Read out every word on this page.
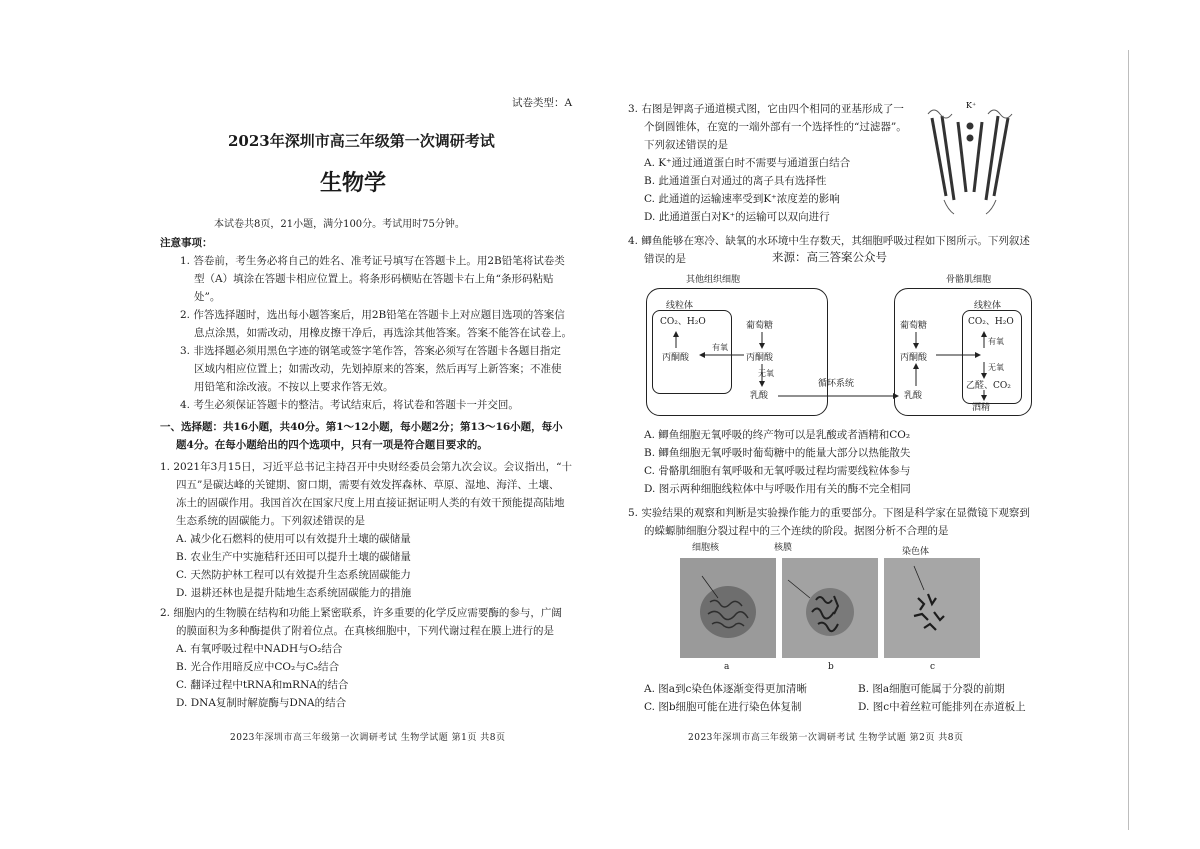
试卷类型：A
2023年深圳市高三年级第一次调研考试
生物学
本试卷共8页，21小题，满分100分。考试用时75分钟。
注意事项：
1. 答卷前，考生务必将自己的姓名、准考证号填写在答题卡上。用2B铅笔将试卷类
型（A）填涂在答题卡相应位置上。将条形码横贴在答题卡右上角“条形码粘贴
处”。
2. 作答选择题时，选出每小题答案后，用2B铅笔在答题卡上对应题目选项的答案信
息点涂黑，如需改动，用橡皮擦干净后，再选涂其他答案。答案不能答在试卷上。
3. 非选择题必须用黑色字迹的钢笔或签字笔作答，答案必须写在答题卡各题目指定
区域内相应位置上；如需改动，先划掉原来的答案，然后再写上新答案；不准使
用铅笔和涂改液。不按以上要求作答无效。
4. 考生必须保证答题卡的整洁。考试结束后，将试卷和答题卡一并交回。
一、选择题：共16小题，共40分。第1～12小题，每小题2分；第13～16小题，每小
题4分。在每小题给出的四个选项中，只有一项是符合题目要求的。
1. 2021年3月15日，习近平总书记主持召开中央财经委员会第九次会议。会议指出，“十
四五”是碳达峰的关键期、窗口期，需要有效发挥森林、草原、湿地、海洋、土壤、
冻土的固碳作用。我国首次在国家尺度上用直接证据证明人类的有效干预能提高陆地
生态系统的固碳能力。下列叙述错误的是
A. 减少化石燃料的使用可以有效提升土壤的碳储量
B. 农业生产中实施秸秆还田可以提升土壤的碳储量
C. 天然防护林工程可以有效提升生态系统固碳能力
D. 退耕还林也是提升陆地生态系统固碳能力的措施
2. 细胞内的生物膜在结构和功能上紧密联系，许多重要的化学反应需要酶的参与，广阔
的膜面积为多种酶提供了附着位点。在真核细胞中，下列代谢过程在膜上进行的是
A. 有氧呼吸过程中NADH与O₂结合
B. 光合作用暗反应中CO₂与C₅结合
C. 翻译过程中tRNA和mRNA的结合
D. DNA复制时解旋酶与DNA的结合
2023年深圳市高三年级第一次调研考试 生物学试题 第1页 共8页
3. 右图是钾离子通道模式图，它由四个相同的亚基形成了一
个倒圆锥体，在宽的一端外部有一个选择性的“过滤器”。
下列叙述错误的是
A. K⁺通过通道蛋白时不需要与通道蛋白结合
B. 此通道蛋白对通过的离子具有选择性
C. 此通道的运输速率受到K⁺浓度差的影响
D. 此通道蛋白对K⁺的运输可以双向进行
K⁺
4. 鲫鱼能够在寒冷、缺氧的水环境中生存数天，其细胞呼吸过程如下图所示。下列叙述
错误的是	来源：高三答案公众号
其他组织细胞	骨骼肌细胞
线粒体	线粒体
CO₂、H₂O
丙酮酸
葡萄糖
丙酮酸
有氧
无氧
乳酸
葡萄糖
丙酮酸
乳酸
CO₂、H₂O
有氧
无氧
乙醛、CO₂
酒精
循环系统
A. 鲫鱼细胞无氧呼吸的终产物可以是乳酸或者酒精和CO₂
B. 鲫鱼细胞无氧呼吸时葡萄糖中的能量大部分以热能散失
C. 骨骼肌细胞有氧呼吸和无氧呼吸过程均需要线粒体参与
D. 图示两种细胞线粒体中与呼吸作用有关的酶不完全相同
5. 实验结果的观察和判断是实验操作能力的重要部分。下图是科学家在显微镜下观察到
的蝾螈肺细胞分裂过程中的三个连续的阶段。据图分析不合理的是
细胞核	核膜	染色体
a	b	c
A. 图a到c染色体逐渐变得更加清晰	B. 图a细胞可能属于分裂的前期
C. 图b细胞可能在进行染色体复制	D. 图c中着丝粒可能排列在赤道板上
2023年深圳市高三年级第一次调研考试 生物学试题 第2页 共8页
